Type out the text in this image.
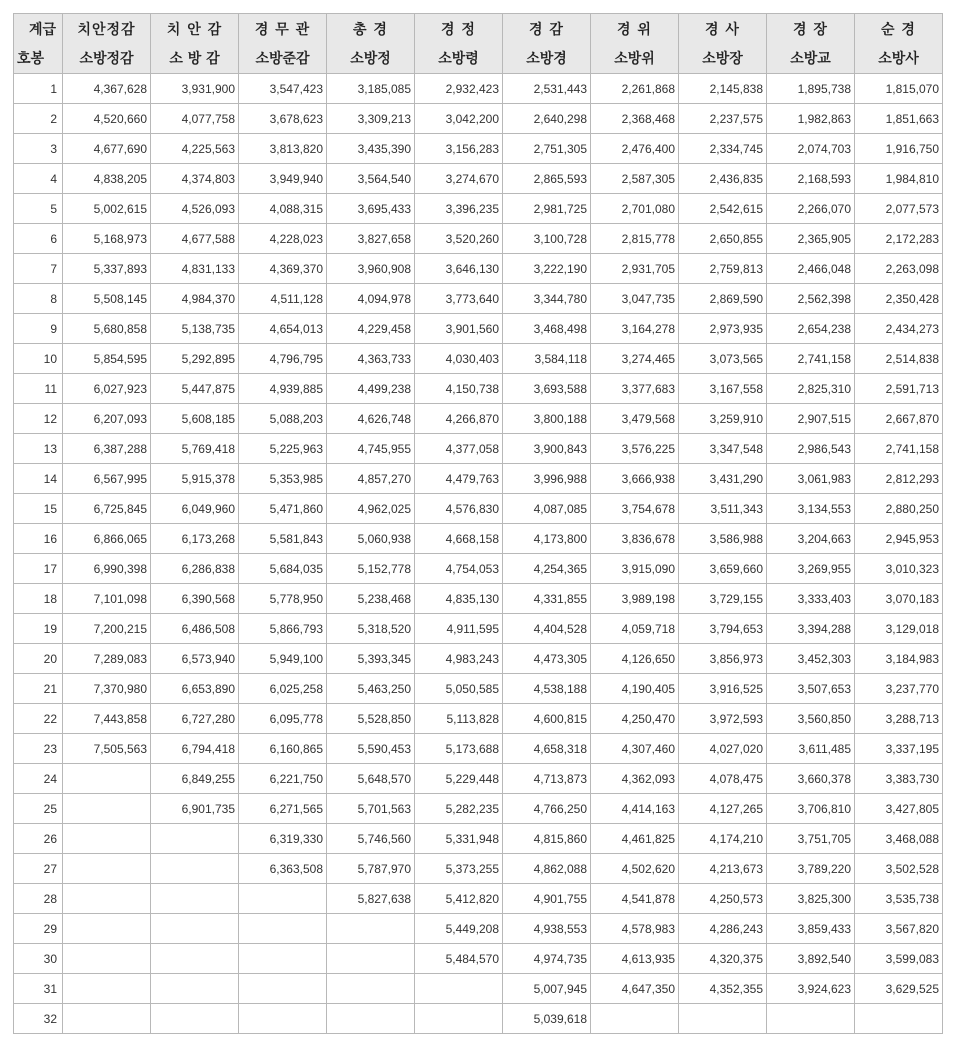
계급	치안정감	치 안 감	경 무 관	총 경	경 정	경 감	경 위	경 사	경 장	순 경
호봉	소방정감	소 방 감	소방준감	소방정	소방령	소방경	소방위	소방장	소방교	소방사
1	4,367,628	3,931,900	3,547,423	3,185,085	2,932,423	2,531,443	2,261,868	2,145,838	1,895,738	1,815,070
2	4,520,660	4,077,758	3,678,623	3,309,213	3,042,200	2,640,298	2,368,468	2,237,575	1,982,863	1,851,663
3	4,677,690	4,225,563	3,813,820	3,435,390	3,156,283	2,751,305	2,476,400	2,334,745	2,074,703	1,916,750
4	4,838,205	4,374,803	3,949,940	3,564,540	3,274,670	2,865,593	2,587,305	2,436,835	2,168,593	1,984,810
5	5,002,615	4,526,093	4,088,315	3,695,433	3,396,235	2,981,725	2,701,080	2,542,615	2,266,070	2,077,573
6	5,168,973	4,677,588	4,228,023	3,827,658	3,520,260	3,100,728	2,815,778	2,650,855	2,365,905	2,172,283
7	5,337,893	4,831,133	4,369,370	3,960,908	3,646,130	3,222,190	2,931,705	2,759,813	2,466,048	2,263,098
8	5,508,145	4,984,370	4,511,128	4,094,978	3,773,640	3,344,780	3,047,735	2,869,590	2,562,398	2,350,428
9	5,680,858	5,138,735	4,654,013	4,229,458	3,901,560	3,468,498	3,164,278	2,973,935	2,654,238	2,434,273
10	5,854,595	5,292,895	4,796,795	4,363,733	4,030,403	3,584,118	3,274,465	3,073,565	2,741,158	2,514,838
11	6,027,923	5,447,875	4,939,885	4,499,238	4,150,738	3,693,588	3,377,683	3,167,558	2,825,310	2,591,713
12	6,207,093	5,608,185	5,088,203	4,626,748	4,266,870	3,800,188	3,479,568	3,259,910	2,907,515	2,667,870
13	6,387,288	5,769,418	5,225,963	4,745,955	4,377,058	3,900,843	3,576,225	3,347,548	2,986,543	2,741,158
14	6,567,995	5,915,378	5,353,985	4,857,270	4,479,763	3,996,988	3,666,938	3,431,290	3,061,983	2,812,293
15	6,725,845	6,049,960	5,471,860	4,962,025	4,576,830	4,087,085	3,754,678	3,511,343	3,134,553	2,880,250
16	6,866,065	6,173,268	5,581,843	5,060,938	4,668,158	4,173,800	3,836,678	3,586,988	3,204,663	2,945,953
17	6,990,398	6,286,838	5,684,035	5,152,778	4,754,053	4,254,365	3,915,090	3,659,660	3,269,955	3,010,323
18	7,101,098	6,390,568	5,778,950	5,238,468	4,835,130	4,331,855	3,989,198	3,729,155	3,333,403	3,070,183
19	7,200,215	6,486,508	5,866,793	5,318,520	4,911,595	4,404,528	4,059,718	3,794,653	3,394,288	3,129,018
20	7,289,083	6,573,940	5,949,100	5,393,345	4,983,243	4,473,305	4,126,650	3,856,973	3,452,303	3,184,983
21	7,370,980	6,653,890	6,025,258	5,463,250	5,050,585	4,538,188	4,190,405	3,916,525	3,507,653	3,237,770
22	7,443,858	6,727,280	6,095,778	5,528,850	5,113,828	4,600,815	4,250,470	3,972,593	3,560,850	3,288,713
23	7,505,563	6,794,418	6,160,865	5,590,453	5,173,688	4,658,318	4,307,460	4,027,020	3,611,485	3,337,195
24		6,849,255	6,221,750	5,648,570	5,229,448	4,713,873	4,362,093	4,078,475	3,660,378	3,383,730
25		6,901,735	6,271,565	5,701,563	5,282,235	4,766,250	4,414,163	4,127,265	3,706,810	3,427,805
26			6,319,330	5,746,560	5,331,948	4,815,860	4,461,825	4,174,210	3,751,705	3,468,088
27			6,363,508	5,787,970	5,373,255	4,862,088	4,502,620	4,213,673	3,789,220	3,502,528
28				5,827,638	5,412,820	4,901,755	4,541,878	4,250,573	3,825,300	3,535,738
29					5,449,208	4,938,553	4,578,983	4,286,243	3,859,433	3,567,820
30					5,484,570	4,974,735	4,613,935	4,320,375	3,892,540	3,599,083
31						5,007,945	4,647,350	4,352,355	3,924,623	3,629,525
32						5,039,618				
